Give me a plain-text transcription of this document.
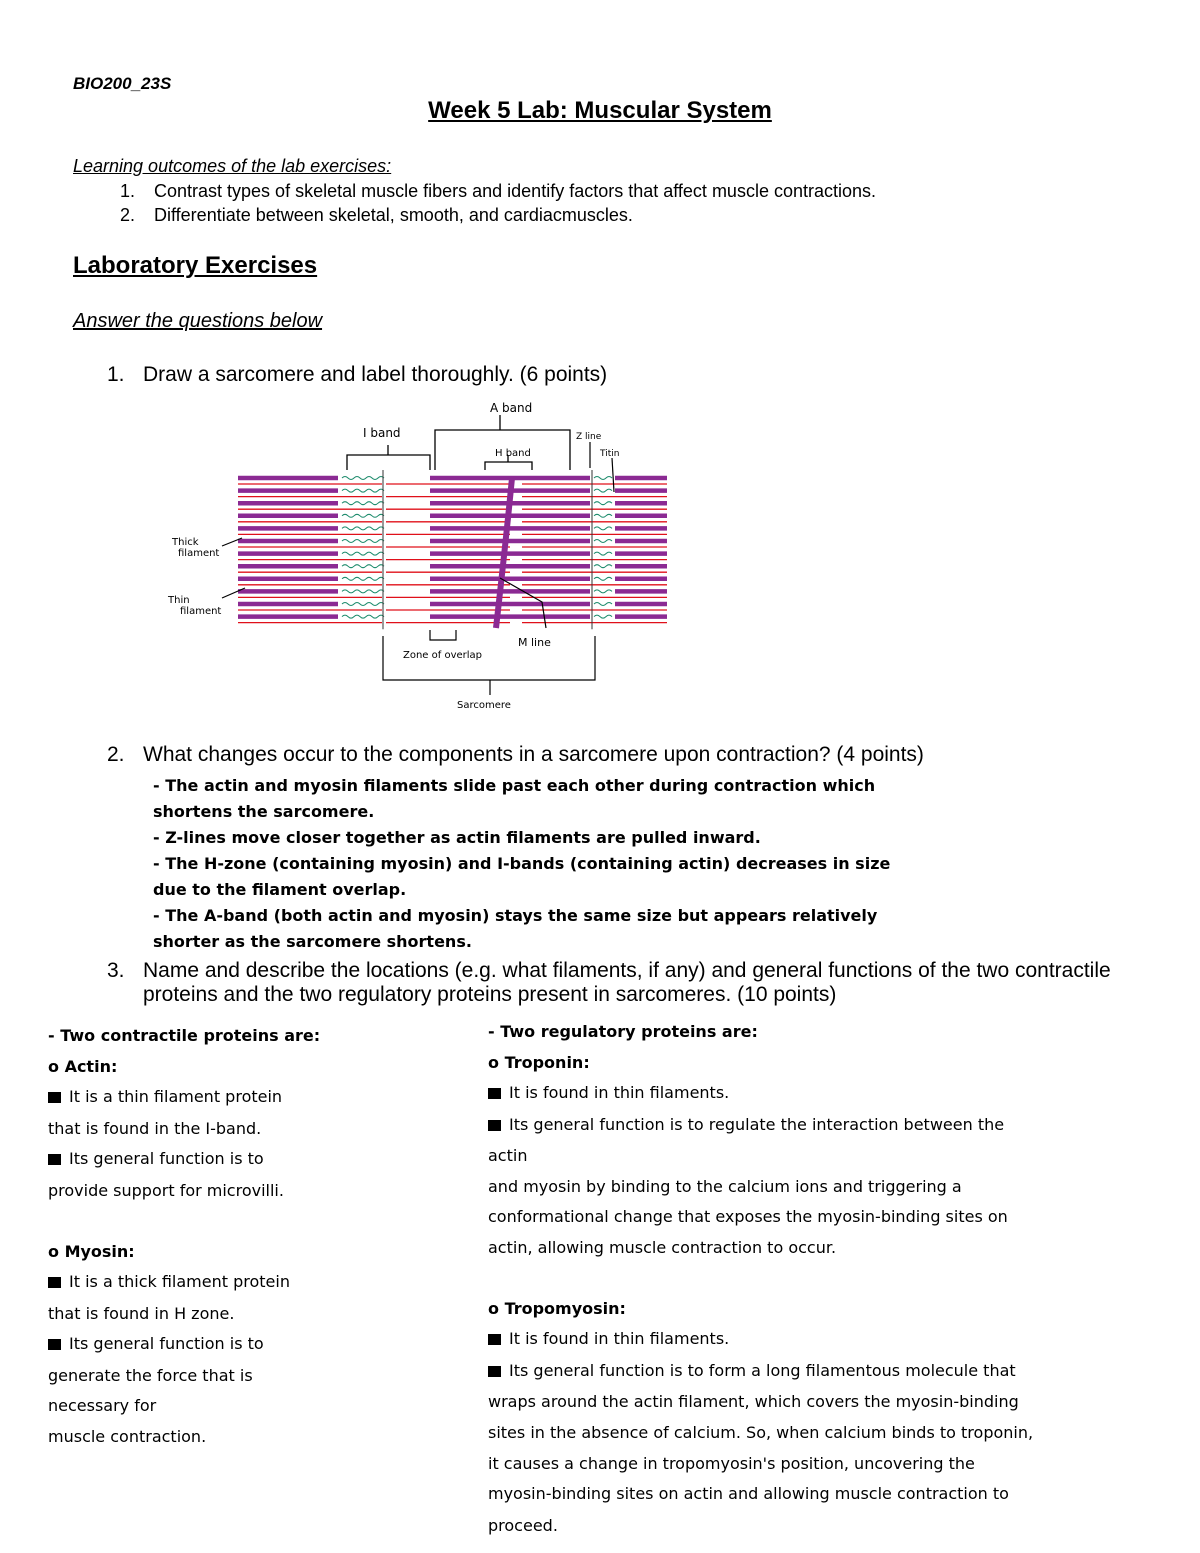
BIO200_23S
Week 5 Lab: Muscular System
Learning outcomes of the lab exercises:
1. Contrast types of skeletal muscle fibers and identify factors that affect muscle contractions.
2. Differentiate between skeletal, smooth, and cardiacmuscles.
Laboratory Exercises
Answer the questions below
1. Draw a sarcomere and label thoroughly. (6 points)
A band
I band
H band
Z line
Titin
Thick
filament
Thin
filament
Zone of overlap
M line
Sarcomere
2. What changes occur to the components in a sarcomere upon contraction? (4 points)
- The actin and myosin filaments slide past each other during contraction which
shortens the sarcomere.
- Z-lines move closer together as actin filaments are pulled inward.
- The H-zone (containing myosin) and I-bands (containing actin) decreases in size
due to the filament overlap.
- The A-band (both actin and myosin) stays the same size but appears relatively
shorter as the sarcomere shortens.
3. Name and describe the locations (e.g. what filaments, if any) and general functions of the two contractile proteins and the two regulatory proteins present in sarcomeres. (10 points)
- Two contractile proteins are:
o Actin:
It is a thin filament protein
that is found in the I-band.
Its general function is to
provide support for microvilli.
o Myosin:
It is a thick filament protein
that is found in H zone.
Its general function is to
generate the force that is
necessary for
muscle contraction.
- Two regulatory proteins are:
o Troponin:
It is found in thin filaments.
Its general function is to regulate the interaction between the
actin
and myosin by binding to the calcium ions and triggering a
conformational change that exposes the myosin-binding sites on
actin, allowing muscle contraction to occur.
o Tropomyosin:
It is found in thin filaments.
Its general function is to form a long filamentous molecule that
wraps around the actin filament, which covers the myosin-binding
sites in the absence of calcium. So, when calcium binds to troponin,
it causes a change in tropomyosin's position, uncovering the
myosin-binding sites on actin and allowing muscle contraction to
proceed.
